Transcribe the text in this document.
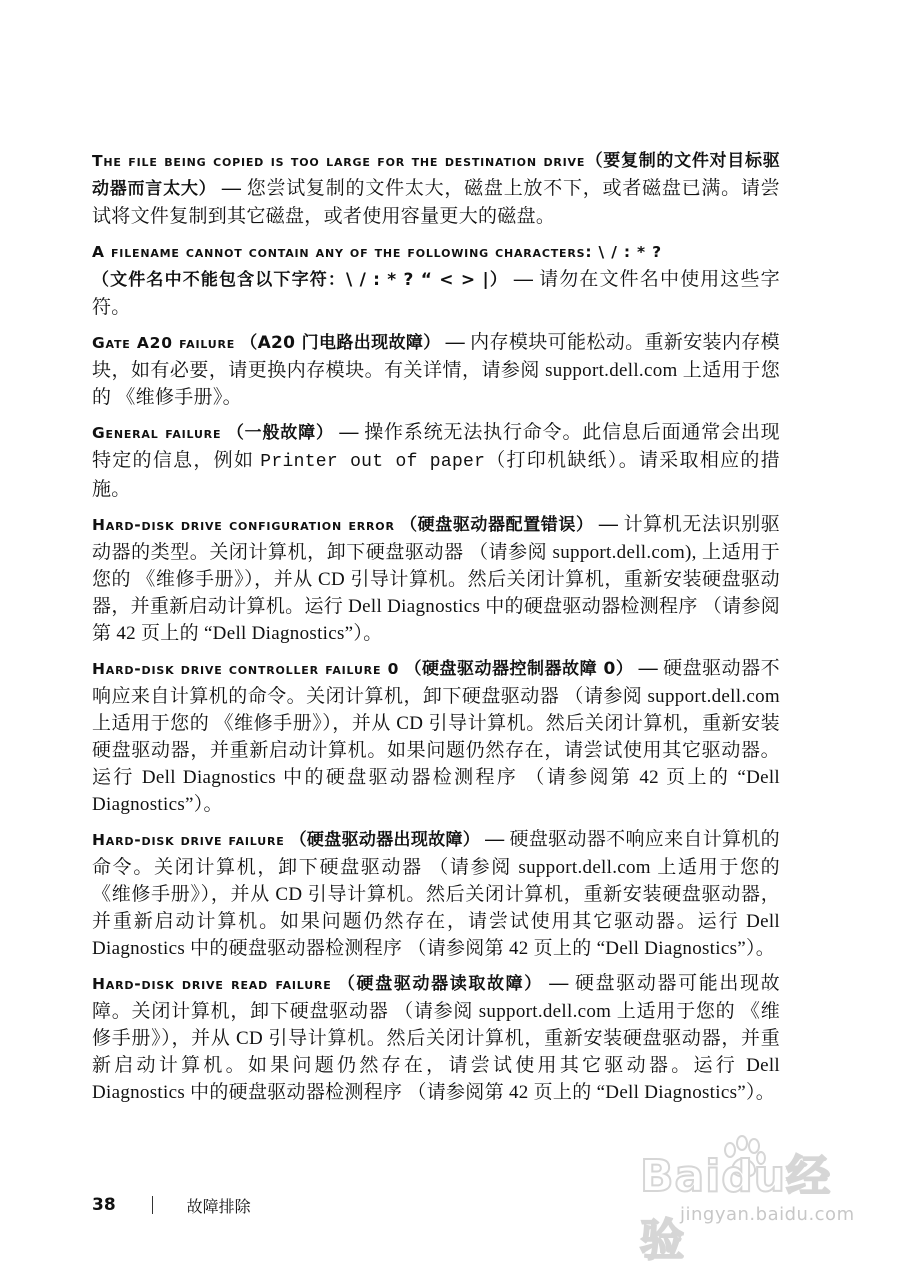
The file being copied is too large for the destination drive（要复制的文件对目标驱动器而言太大） — 您尝试复制的文件太大，磁盘上放不下，或者磁盘已满。请尝试将文件复制到其它磁盘，或者使用容量更大的磁盘。

A filename cannot contain any of the following characters: \ / : * ?
（文件名中不能包含以下字符：\ / : * ? “ < > |） — 请勿在文件名中使用这些字符。

Gate A20 failure （A20 门电路出现故障） — 内存模块可能松动。重新安装内存模块，如有必要，请更换内存模块。有关详情，请参阅 support.dell.com 上适用于您的 《维修手册》。

General failure （一般故障） — 操作系统无法执行命令。此信息后面通常会出现特定的信息，例如 Printer out of paper（打印机缺纸）。请采取相应的措施。

Hard-disk drive configuration error （硬盘驱动器配置错误） — 计算机无法识别驱动器的类型。关闭计算机，卸下硬盘驱动器 （请参阅 support.dell.com), 上适用于您的 《维修手册》），并从 CD 引导计算机。然后关闭计算机，重新安装硬盘驱动器，并重新启动计算机。运行 Dell Diagnostics 中的硬盘驱动器检测程序 （请参阅第 42 页上的 “Dell Diagnostics”）。

Hard-disk drive controller failure 0 （硬盘驱动器控制器故障 0） — 硬盘驱动器不响应来自计算机的命令。关闭计算机，卸下硬盘驱动器 （请参阅 support.dell.com 上适用于您的 《维修手册》），并从 CD 引导计算机。然后关闭计算机，重新安装硬盘驱动器，并重新启动计算机。如果问题仍然存在，请尝试使用其它驱动器。运行 Dell Diagnostics 中的硬盘驱动器检测程序 （请参阅第 42 页上的 “Dell Diagnostics”）。

Hard-disk drive failure （硬盘驱动器出现故障） — 硬盘驱动器不响应来自计算机的命令。关闭计算机，卸下硬盘驱动器 （请参阅 support.dell.com 上适用于您的 《维修手册》），并从 CD 引导计算机。然后关闭计算机，重新安装硬盘驱动器，并重新启动计算机。如果问题仍然存在，请尝试使用其它驱动器。运行 Dell Diagnostics 中的硬盘驱动器检测程序 （请参阅第 42 页上的 “Dell Diagnostics”）。

Hard-disk drive read failure （硬盘驱动器读取故障） — 硬盘驱动器可能出现故障。关闭计算机，卸下硬盘驱动器 （请参阅 support.dell.com 上适用于您的 《维修手册》），并从 CD 引导计算机。然后关闭计算机，重新安装硬盘驱动器，并重新启动计算机。如果问题仍然存在，请尝试使用其它驱动器。运行 Dell Diagnostics 中的硬盘驱动器检测程序 （请参阅第 42 页上的 “Dell Diagnostics”）。

38	故障排除
Baidu经验
jingyan.baidu.com
